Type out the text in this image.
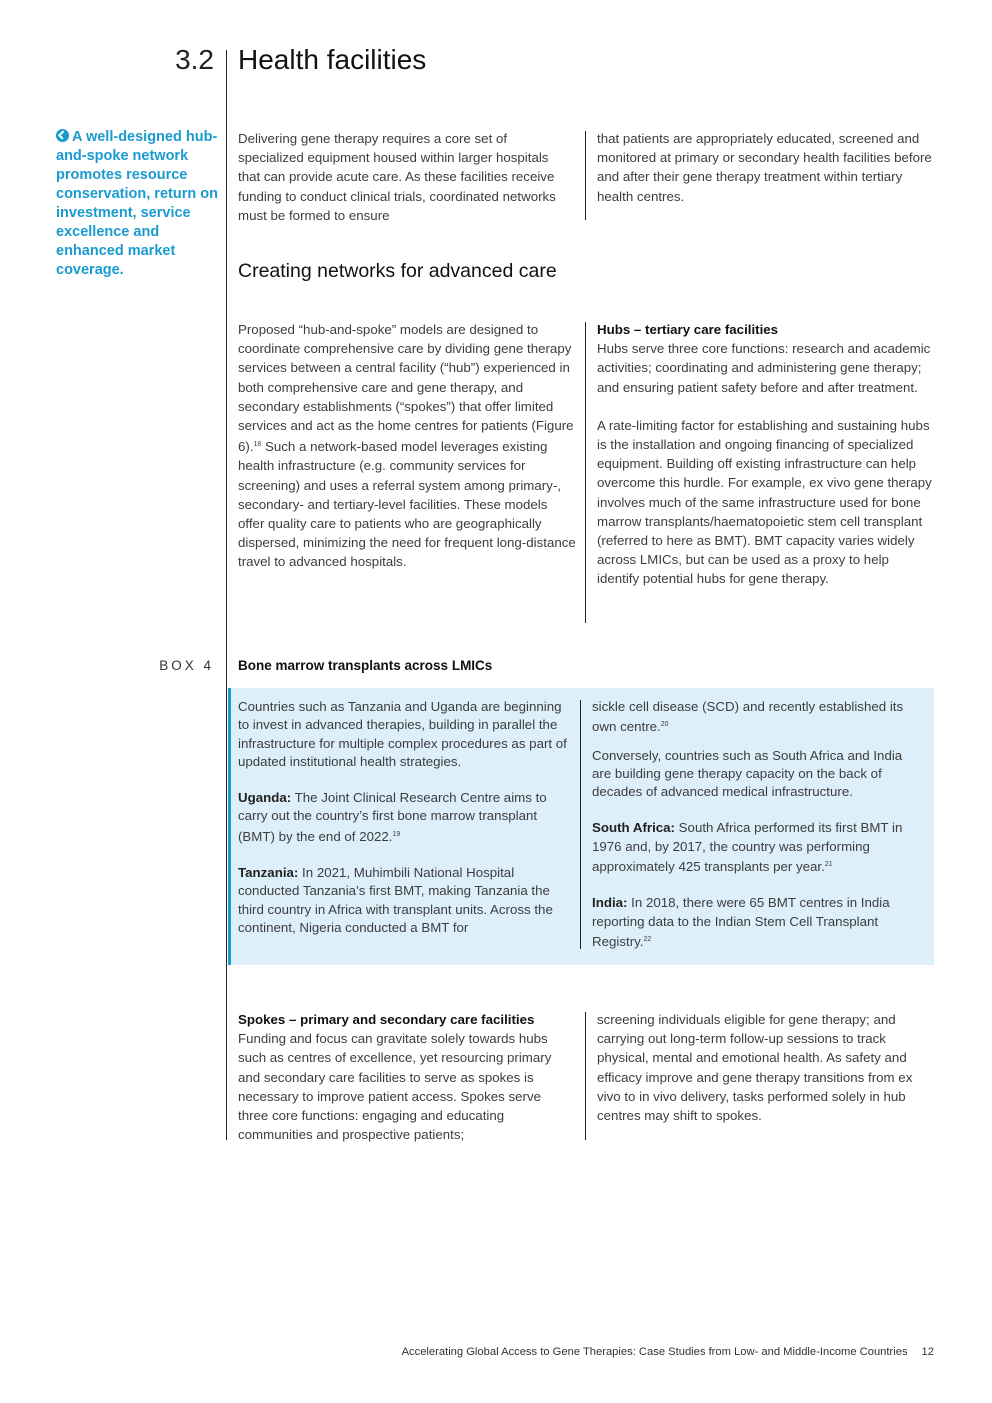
3.2 Health facilities
A well-designed hub-and-spoke network promotes resource conservation, return on investment, service excellence and enhanced market coverage.
Delivering gene therapy requires a core set of specialized equipment housed within larger hospitals that can provide acute care. As these facilities receive funding to conduct clinical trials, coordinated networks must be formed to ensure
that patients are appropriately educated, screened and monitored at primary or secondary health facilities before and after their gene therapy treatment within tertiary health centres.
Creating networks for advanced care
Proposed “hub-and-spoke” models are designed to coordinate comprehensive care by dividing gene therapy services between a central facility (“hub”) experienced in both comprehensive care and gene therapy, and secondary establishments (“spokes”) that offer limited services and act as the home centres for patients (Figure 6).$^{18}$ Such a network-based model leverages existing health infrastructure (e.g. community services for screening) and uses a referral system among primary-, secondary- and tertiary-level facilities. These models offer quality care to patients who are geographically dispersed, minimizing the need for frequent long-distance travel to advanced hospitals.
Hubs – tertiary care facilities
Hubs serve three core functions: research and academic activities; coordinating and administering gene therapy; and ensuring patient safety before and after treatment.
A rate-limiting factor for establishing and sustaining hubs is the installation and ongoing financing of specialized equipment. Building off existing infrastructure can help overcome this hurdle. For example, ex vivo gene therapy involves much of the same infrastructure used for bone marrow transplants/haematopoietic stem cell transplant (referred to here as BMT). BMT capacity varies widely across LMICs, but can be used as a proxy to help identify potential hubs for gene therapy.
BOX 4 Bone marrow transplants across LMICs

Countries such as Tanzania and Uganda are beginning to invest in advanced therapies, building in parallel the infrastructure for multiple complex procedures as part of updated institutional health strategies.

Uganda: The Joint Clinical Research Centre aims to carry out the country’s first bone marrow transplant (BMT) by the end of 2022.19

Tanzania: In 2021, Muhimbili National Hospital conducted Tanzania’s first BMT, making Tanzania the third country in Africa with transplant units. Across the continent, Nigeria conducted a BMT for

sickle cell disease (SCD) and recently established its own centre.$^{20}$

Conversely, countries such as South Africa and India are building gene therapy capacity on the back of decades of advanced medical infrastructure.

South Africa: South Africa performed its first BMT in 1976 and, by 2017, the country was performing approximately 425 transplants per year.$^{21}$

India: In 2018, there were 65 BMT centres in India reporting data to the Indian Stem Cell Transplant Registry.$^{22}$

Spokes – primary and secondary care facilities
Funding and focus can gravitate solely towards hubs such as centres of excellence, yet resourcing primary and secondary care facilities to serve as spokes is necessary to improve patient access. Spokes serve three core functions: engaging and educating communities and prospective patients;
screening individuals eligible for gene therapy; and carrying out long-term follow-up sessions to track physical, mental and emotional health. As safety and efficacy improve and gene therapy transitions from ex vivo to in vivo delivery, tasks performed solely in hub centres may shift to spokes.
Accelerating Global Access to Gene Therapies: Case Studies from Low- and Middle-Income Countries 12
